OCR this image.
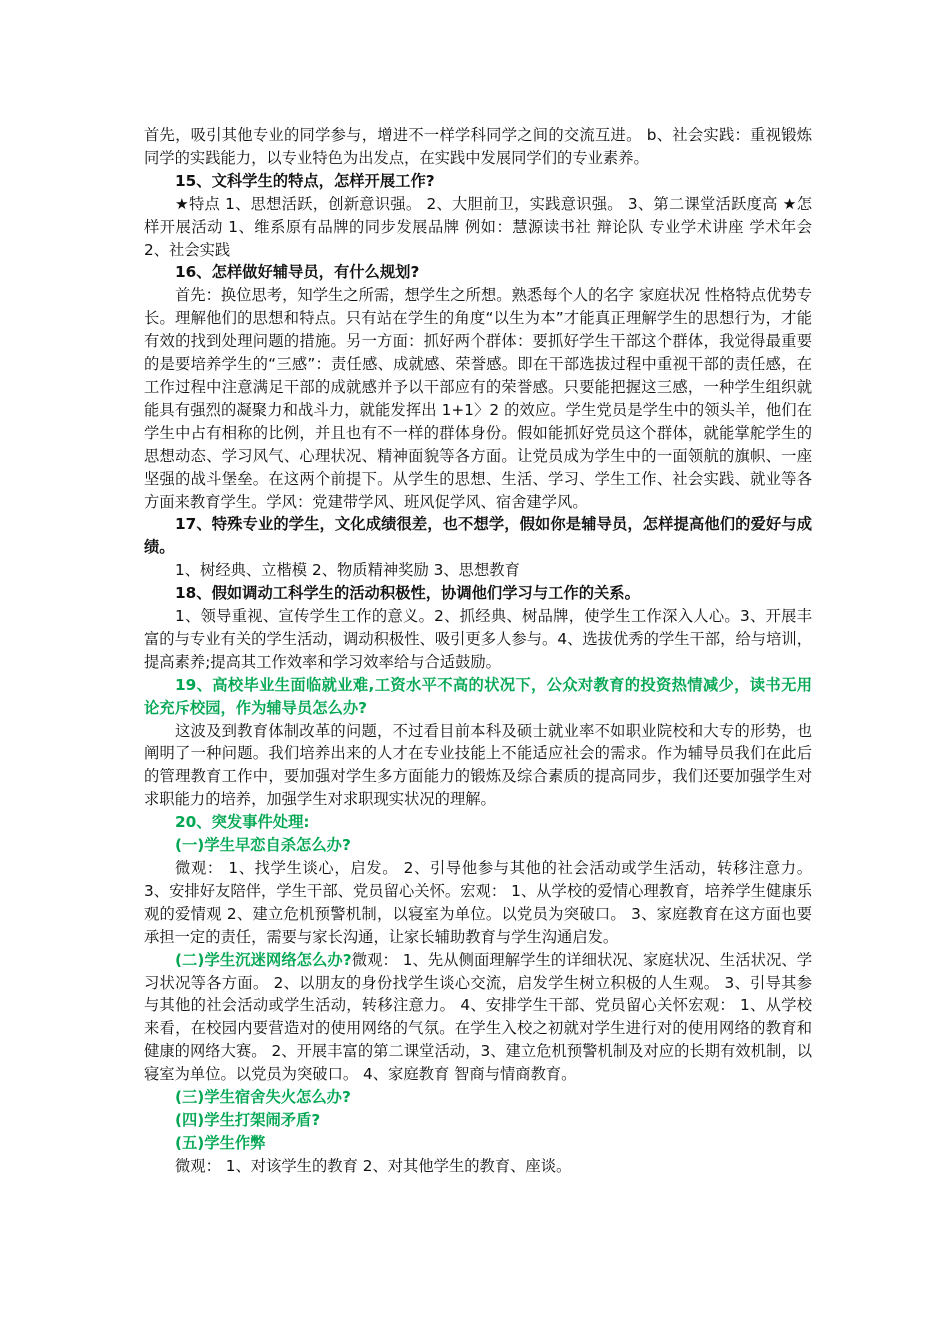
首先，吸引其他专业的同学参与，增进不一样学科同学之间的交流互进。 b、社会实践：重视锻炼同学的实践能力，以专业特色为出发点，在实践中发展同学们的专业素养。

15、文科学生的特点，怎样开展工作?

★特点 1、思想活跃，创新意识强。 2、大胆前卫，实践意识强。 3、第二课堂活跃度高 ★怎样开展活动 1、维系原有品牌的同步发展品牌 例如：慧源读书社 辩论队 专业学术讲座 学术年会 2、社会实践

16、怎样做好辅导员，有什么规划?

首先：换位思考，知学生之所需，想学生之所想。熟悉每个人的名字 家庭状况 性格特点优势专长。理解他们的思想和特点。只有站在学生的角度“以生为本”才能真正理解学生的思想行为，才能有效的找到处理问题的措施。另一方面：抓好两个群体：要抓好学生干部这个群体，我觉得最重要的是要培养学生的“三感”：责任感、成就感、荣誉感。即在干部选拔过程中重视干部的责任感，在工作过程中注意满足干部的成就感并予以干部应有的荣誉感。只要能把握这三感，一种学生组织就能具有强烈的凝聚力和战斗力，就能发挥出 1+1〉2 的效应。学生党员是学生中的领头羊，他们在学生中占有相称的比例，并且也有不一样的群体身份。假如能抓好党员这个群体，就能掌舵学生的思想动态、学习风气、心理状况、精神面貌等各方面。让党员成为学生中的一面领航的旗帜、一座坚强的战斗堡垒。在这两个前提下。从学生的思想、生活、学习、学生工作、社会实践、就业等各方面来教育学生。学风：党建带学风、班风促学风、宿舍建学风。

17、特殊专业的学生，文化成绩很差，也不想学，假如你是辅导员，怎样提高他们的爱好与成绩。

1、树经典、立楷模 2、物质精神奖励 3、思想教育

18、假如调动工科学生的活动积极性，协调他们学习与工作的关系。

1、领导重视、宣传学生工作的意义。2、抓经典、树品牌，使学生工作深入人心。3、开展丰富的与专业有关的学生活动，调动积极性、吸引更多人参与。4、选拔优秀的学生干部，给与培训，提高素养;提高其工作效率和学习效率给与合适鼓励。

19、高校毕业生面临就业难,工资水平不高的状况下，公众对教育的投资热情减少，读书无用论充斥校园，作为辅导员怎么办?

这波及到教育体制改革的问题，不过看目前本科及硕士就业率不如职业院校和大专的形势，也阐明了一种问题。我们培养出来的人才在专业技能上不能适应社会的需求。作为辅导员我们在此后的管理教育工作中，要加强对学生多方面能力的锻炼及综合素质的提高同步，我们还要加强学生对求职能力的培养，加强学生对求职现实状况的理解。

20、突发事件处理:

(一)学生早恋自杀怎么办?

微观： 1、找学生谈心，启发。 2、引导他参与其他的社会活动或学生活动，转移注意力。 3、安排好友陪伴，学生干部、党员留心关怀。宏观： 1、从学校的爱情心理教育，培养学生健康乐观的爱情观 2、建立危机预警机制，以寝室为单位。以党员为突破口。 3、家庭教育在这方面也要承担一定的责任，需要与家长沟通，让家长辅助教育与学生沟通启发。

(二)学生沉迷网络怎么办?微观： 1、先从侧面理解学生的详细状况、家庭状况、生活状况、学习状况等各方面。 2、以朋友的身份找学生谈心交流，启发学生树立积极的人生观。 3、引导其参与其他的社会活动或学生活动，转移注意力。 4、安排学生干部、党员留心关怀宏观： 1、从学校来看，在校园内要营造对的使用网络的气氛。在学生入校之初就对学生进行对的使用网络的教育和健康的网络大赛。 2、开展丰富的第二课堂活动，3、建立危机预警机制及对应的长期有效机制，以寝室为单位。以党员为突破口。 4、家庭教育 智商与情商教育。

(三)学生宿舍失火怎么办?

(四)学生打架闹矛盾?

(五)学生作弊

微观： 1、对该学生的教育 2、对其他学生的教育、座谈。
